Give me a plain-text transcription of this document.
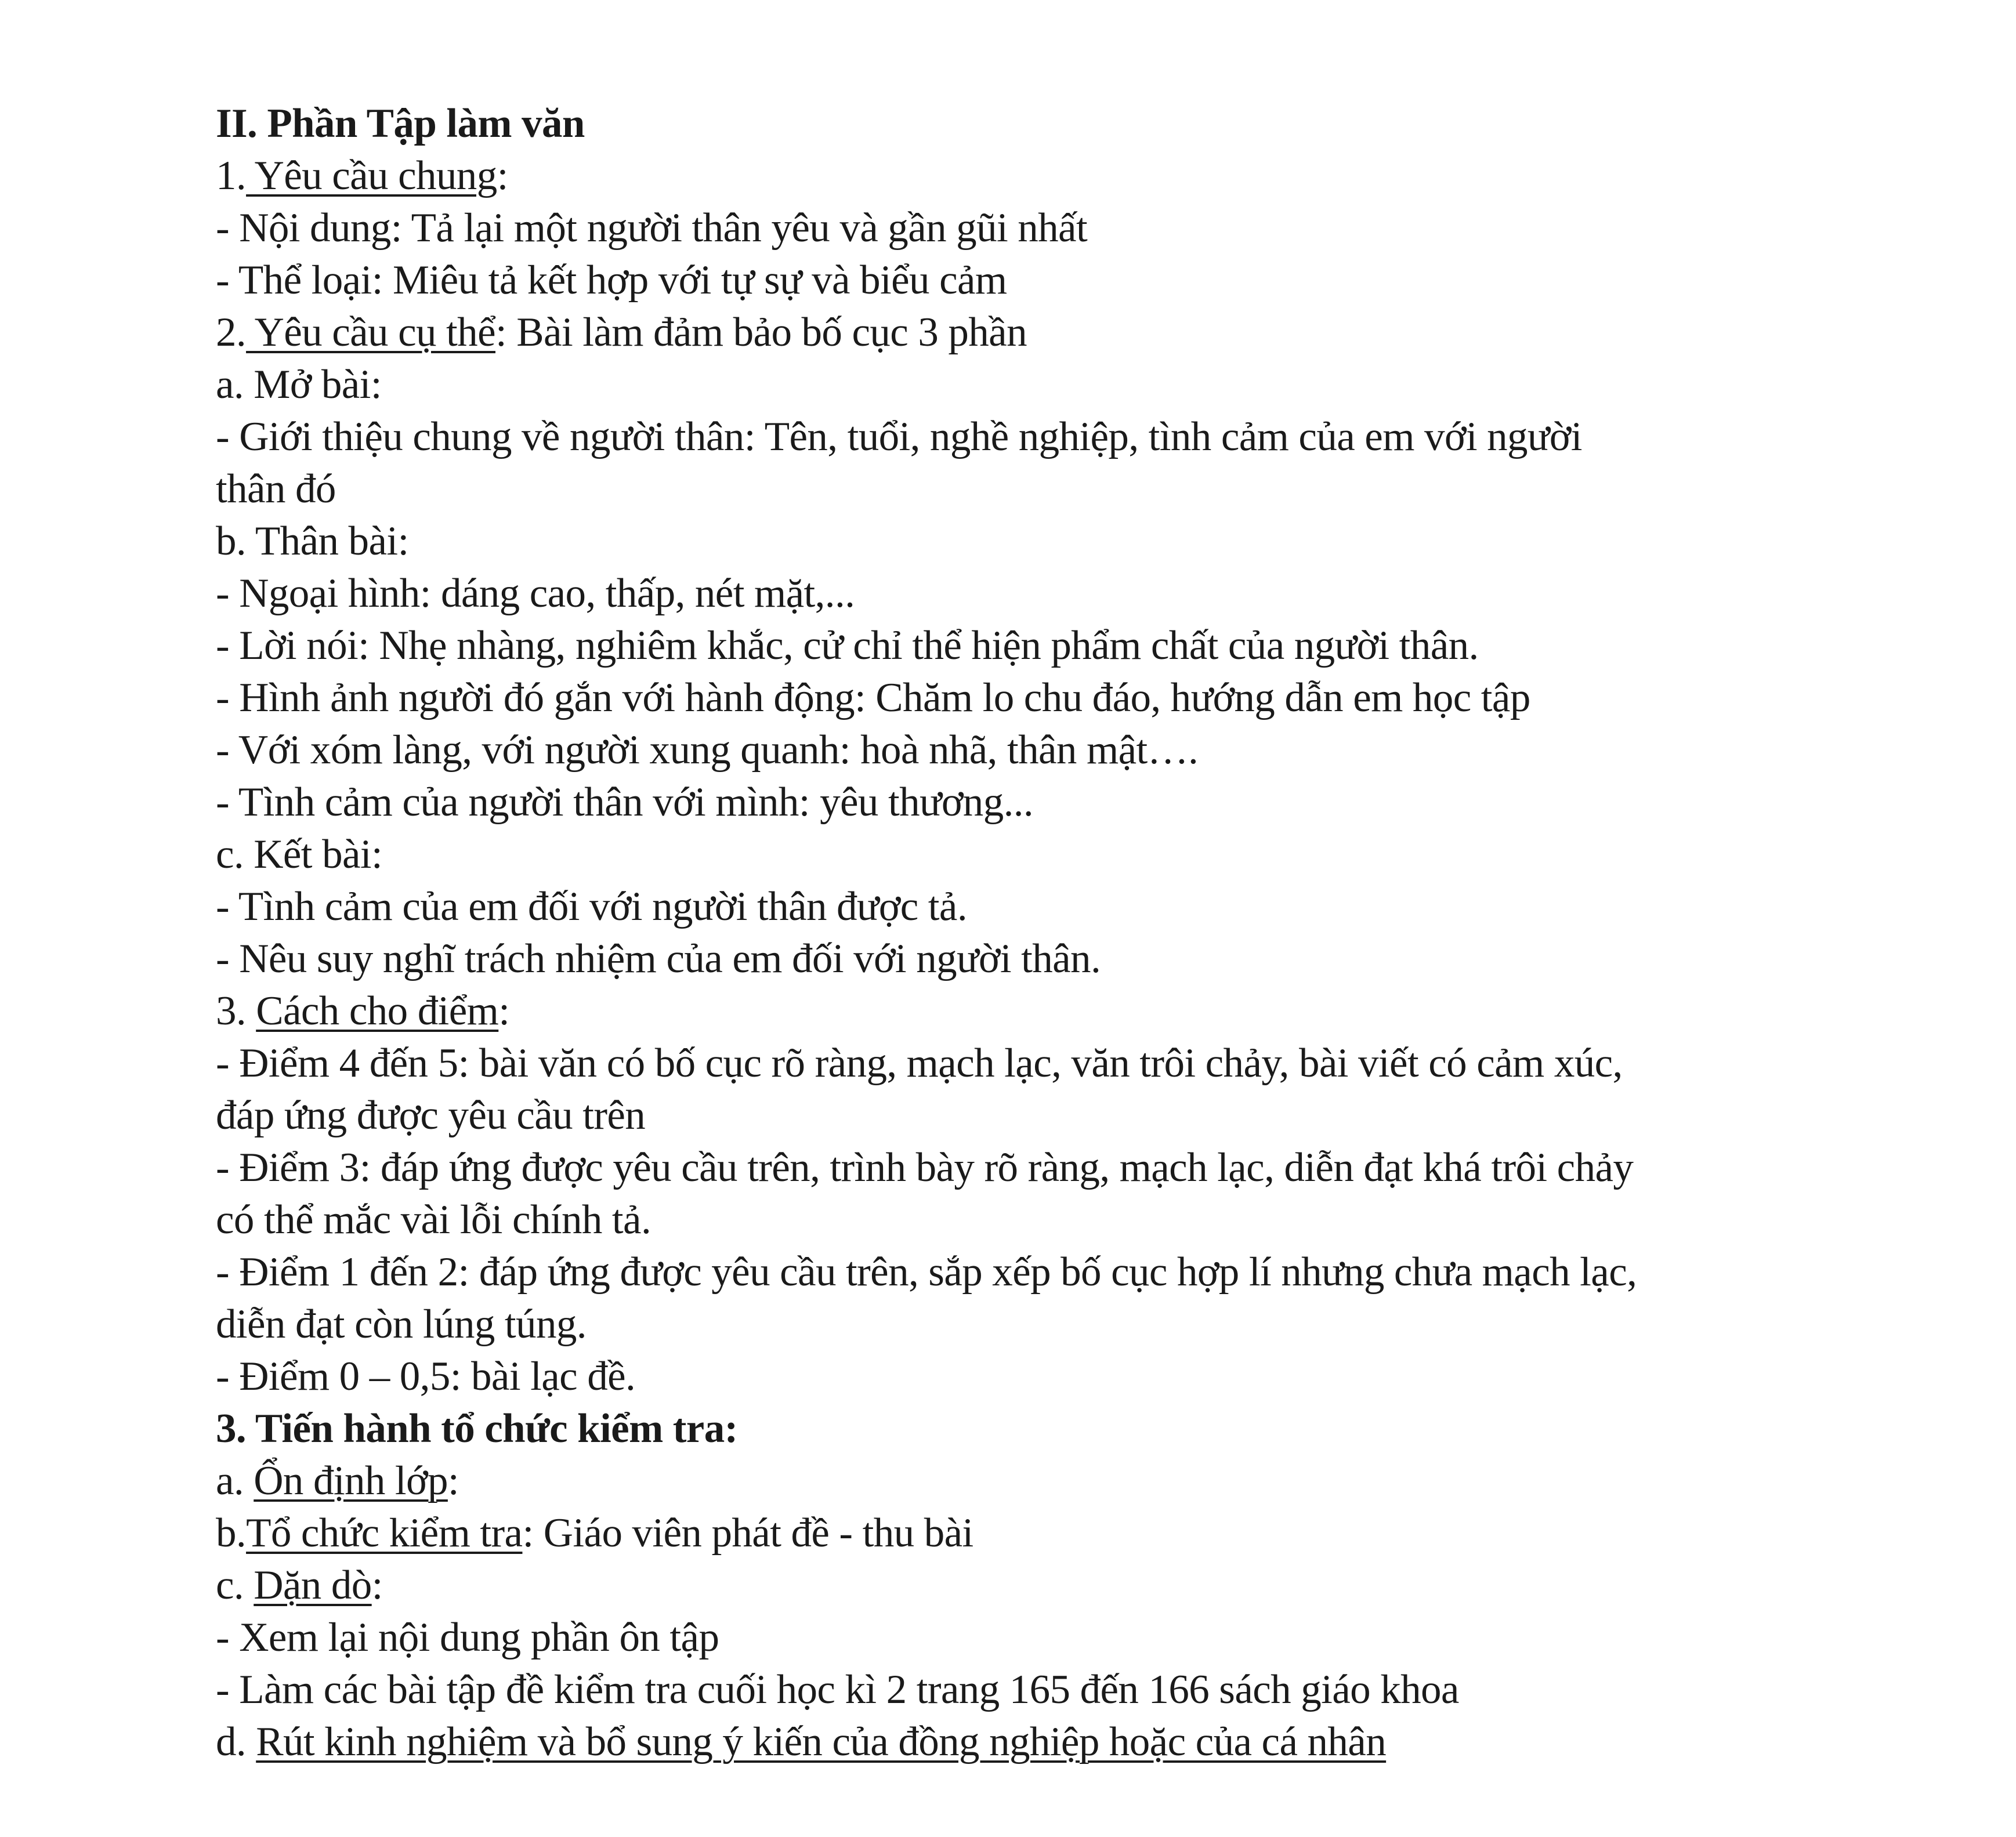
II. Phần Tập làm văn
1. Yêu cầu chung:
- Nội dung: Tả lại một người thân yêu và gần gũi nhất
- Thể loại: Miêu tả kết hợp với tự sự và biểu cảm
2. Yêu cầu cụ thể: Bài làm đảm bảo bố cục 3 phần
a. Mở bài:
- Giới thiệu chung về người thân: Tên, tuổi, nghề nghiệp, tình cảm của em với người
thân đó
b. Thân bài:
- Ngoại hình: dáng cao, thấp, nét mặt,...
- Lời nói: Nhẹ nhàng, nghiêm khắc, cử chỉ thể hiện phẩm chất của người thân.
- Hình ảnh người đó gắn với hành động: Chăm lo chu đáo, hướng dẫn em học tập
- Với xóm làng, với người xung quanh: hoà nhã, thân mật….
- Tình cảm của người thân với mình: yêu thương...
c. Kết bài:
- Tình cảm của em đối với người thân được tả.
- Nêu suy nghĩ trách nhiệm của em đối với người thân.
3. Cách cho điểm:
- Điểm 4 đến 5: bài văn có bố cục rõ ràng, mạch lạc, văn trôi chảy, bài viết có cảm xúc,
đáp ứng được yêu cầu trên
- Điểm 3: đáp ứng được yêu cầu trên, trình bày rõ ràng, mạch lạc, diễn đạt khá trôi chảy
có thể mắc vài lỗi chính tả.
- Điểm 1 đến 2: đáp ứng được yêu cầu trên, sắp xếp bố cục hợp lí nhưng chưa mạch lạc,
diễn đạt còn lúng túng.
- Điểm 0 – 0,5: bài lạc đề.
3. Tiến hành tổ chức kiểm tra:
a. Ổn định lớp:
b.Tổ chức kiểm tra: Giáo viên phát đề - thu bài
c. Dặn dò:
- Xem lại nội dung phần ôn tập
- Làm các bài tập đề kiểm tra cuối học kì 2 trang 165 đến 166 sách giáo khoa
d. Rút kinh nghiệm và bổ sung ý kiến của đồng nghiệp hoặc của cá nhân
